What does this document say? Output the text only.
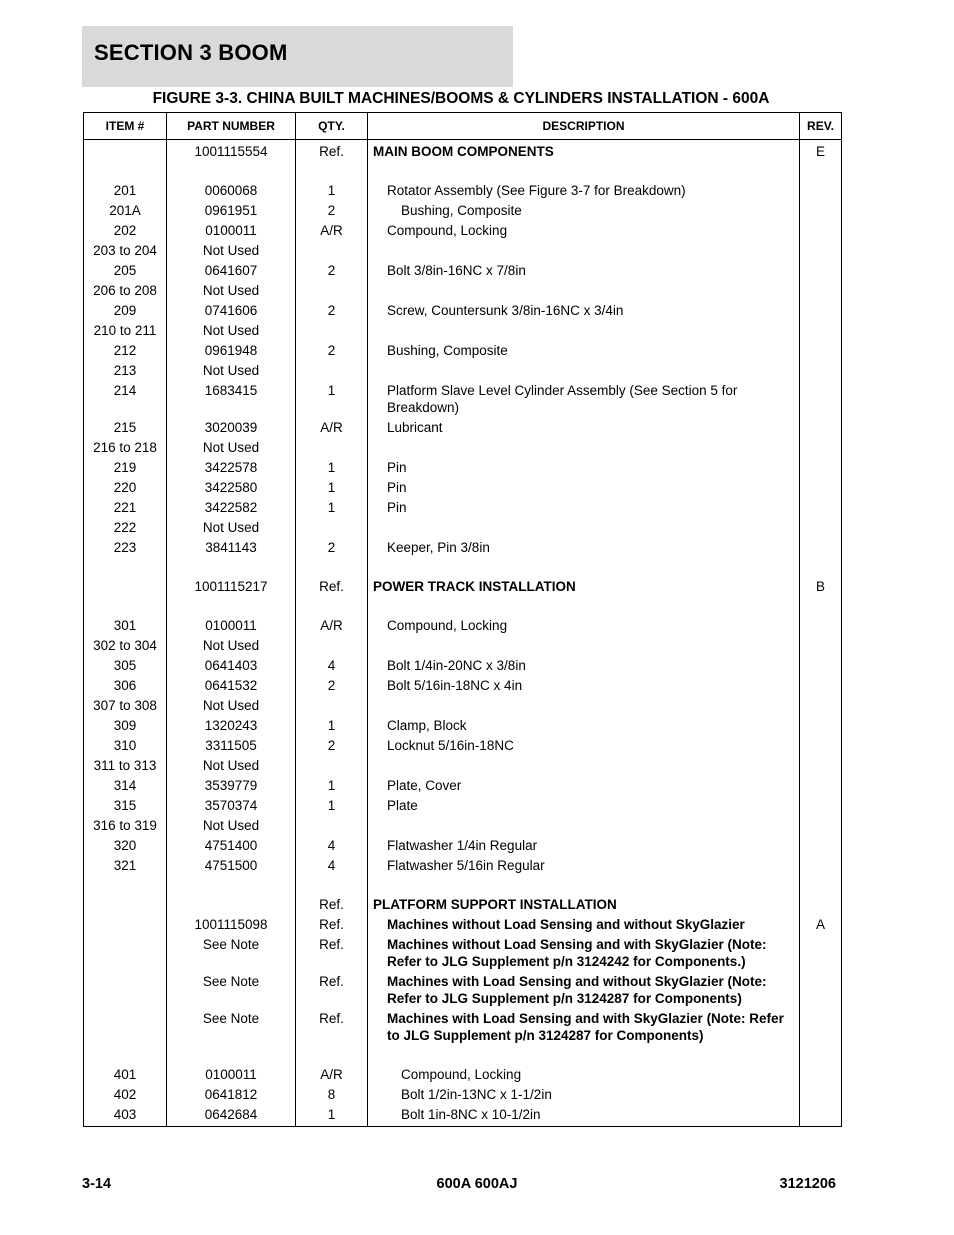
SECTION 3 BOOM
FIGURE 3-3. CHINA BUILT MACHINES/BOOMS & CYLINDERS INSTALLATION - 600A
ITEM #	PART NUMBER	QTY.	DESCRIPTION	REV.
	1001115554	Ref.	MAIN BOOM COMPONENTS	E
201	0060068	1	Rotator Assembly (See Figure 3-7 for Breakdown)	
201A	0961951	2	Bushing, Composite	
202	0100011	A/R	Compound, Locking	
203 to 204	Not Used			
205	0641607	2	Bolt 3/8in-16NC x 7/8in	
206 to 208	Not Used			
209	0741606	2	Screw, Countersunk 3/8in-16NC x 3/4in	
210 to 211	Not Used			
212	0961948	2	Bushing, Composite	
213	Not Used			
214	1683415	1	Platform Slave Level Cylinder Assembly (See Section 5 for Breakdown)	
215	3020039	A/R	Lubricant	
216 to 218	Not Used			
219	3422578	1	Pin	
220	3422580	1	Pin	
221	3422582	1	Pin	
222	Not Used			
223	3841143	2	Keeper, Pin 3/8in	
	1001115217	Ref.	POWER TRACK INSTALLATION	B
301	0100011	A/R	Compound, Locking	
302 to 304	Not Used			
305	0641403	4	Bolt 1/4in-20NC x 3/8in	
306	0641532	2	Bolt 5/16in-18NC x 4in	
307 to 308	Not Used			
309	1320243	1	Clamp, Block	
310	3311505	2	Locknut 5/16in-18NC	
311 to 313	Not Used			
314	3539779	1	Plate, Cover	
315	3570374	1	Plate	
316 to 319	Not Used			
320	4751400	4	Flatwasher 1/4in Regular	
321	4751500	4	Flatwasher 5/16in Regular	
		Ref.	PLATFORM SUPPORT INSTALLATION	
	1001115098	Ref.	Machines without Load Sensing and without SkyGlazier	A
	See Note	Ref.	Machines without Load Sensing and with SkyGlazier (Note: Refer to JLG Supplement p/n 3124242 for Components.)	
	See Note	Ref.	Machines with Load Sensing and without SkyGlazier (Note: Refer to JLG Supplement p/n 3124287 for Components)	
	See Note	Ref.	Machines with Load Sensing and with SkyGlazier (Note: Refer to JLG Supplement p/n 3124287 for Components)	
401	0100011	A/R	Compound, Locking	
402	0641812	8	Bolt 1/2in-13NC x 1-1/2in	
403	0642684	1	Bolt 1in-8NC x 10-1/2in	
3-14	600A 600AJ	3121206
